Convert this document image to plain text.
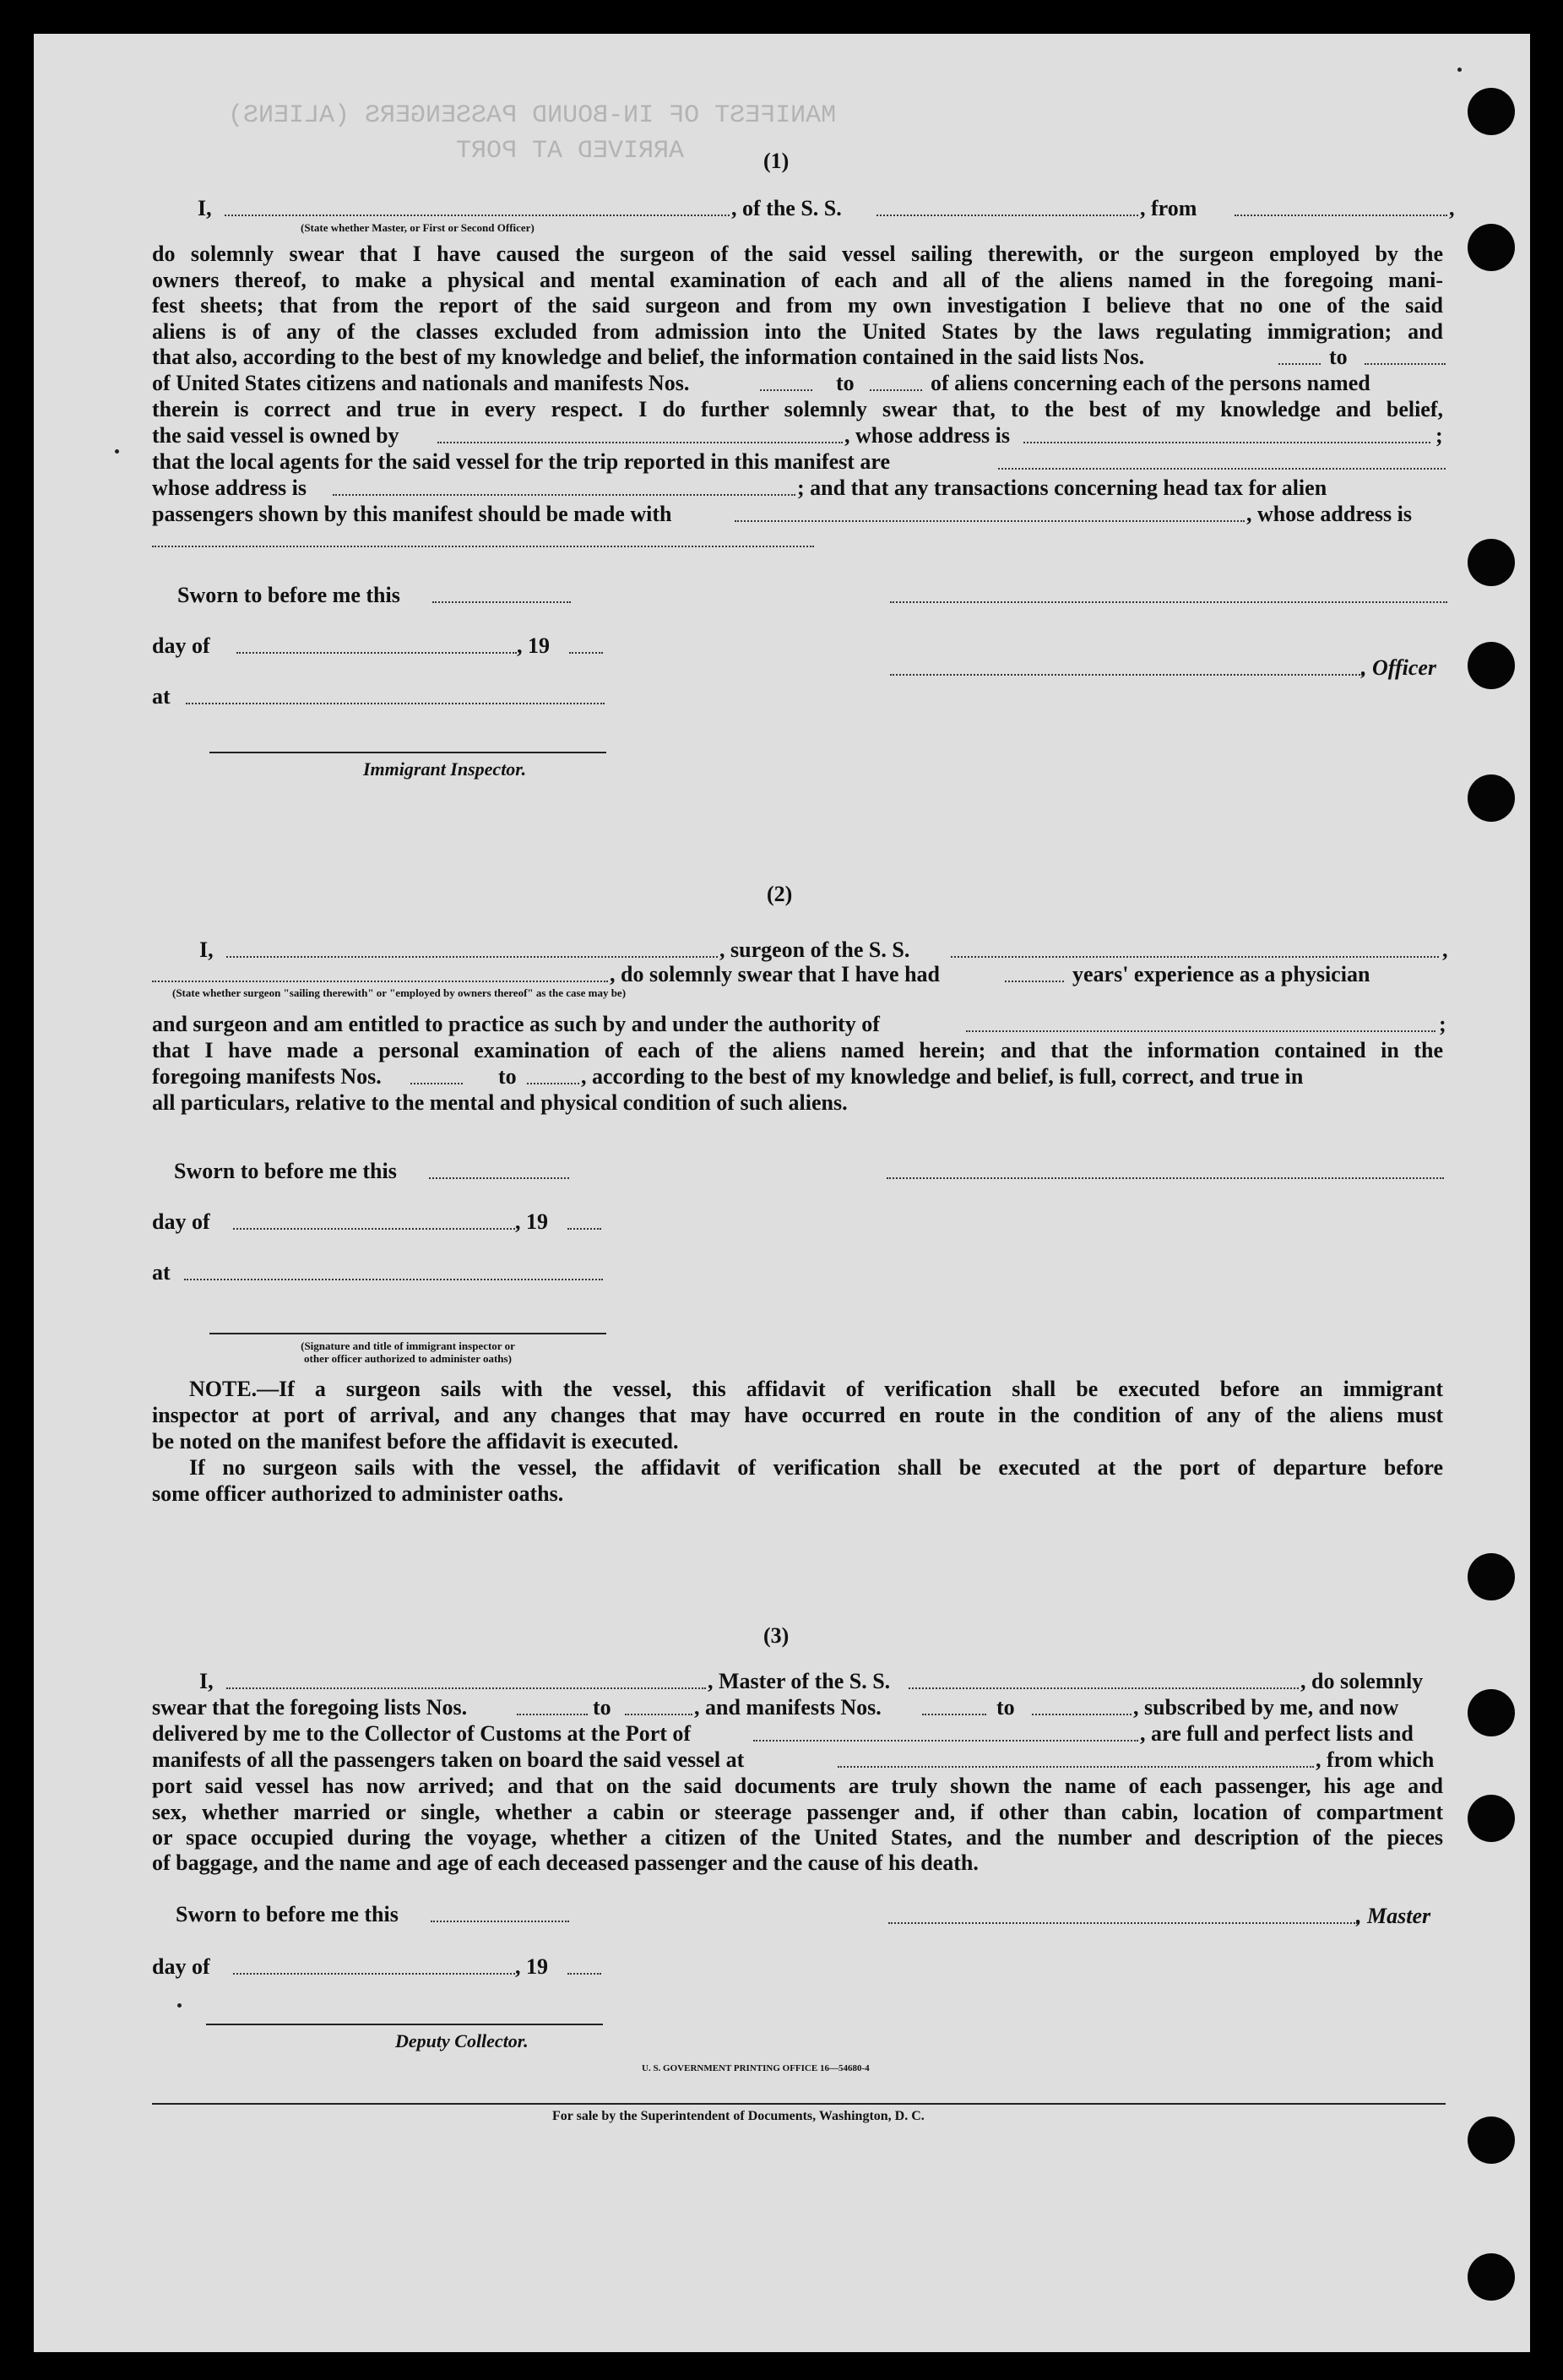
MANIFEST OF IN-BOUND PASSENGERS (ALIENS)
ARRIVED AT PORT	(1)
I,	, of the S. S.	, from	,
(State whether Master, or First or Second Officer)
do solemnly swear that I have caused the surgeon of the said vessel sailing therewith, or the surgeon employed by the
owners thereof, to make a physical and mental examination of each and all of the aliens named in the foregoing mani-
fest sheets; that from the report of the said surgeon and from my own investigation I believe that no one of the said
aliens is of any of the classes excluded from admission into the United States by the laws regulating immigration; and
that also, according to the best of my knowledge and belief, the information contained in the said lists Nos.	to
of United States citizens and nationals and manifests Nos.	to	of aliens concerning each of the persons named
therein is correct and true in every respect. I do further solemnly swear that, to the best of my knowledge and belief,
the said vessel is owned by	, whose address is	;
that the local agents for the said vessel for the trip reported in this manifest are
whose address is	; and that any transactions concerning head tax for alien
passengers shown by this manifest should be made with	, whose address is
Sworn to before me this
day of	, 19
, Officer
at
Immigrant Inspector.
(2)
I,	, surgeon of the S. S.	,
, do solemnly swear that I have had	years' experience as a physician
(State whether surgeon "sailing therewith" or "employed by owners thereof" as the case may be)
and surgeon and am entitled to practice as such by and under the authority of	;
that I have made a personal examination of each of the aliens named herein; and that the information contained in the
foregoing manifests Nos.	to	, according to the best of my knowledge and belief, is full, correct, and true in
all particulars, relative to the mental and physical condition of such aliens.
Sworn to before me this
day of	, 19
at
(Signature and title of immigrant inspector or
other officer authorized to administer oaths)
NOTE.—If a surgeon sails with the vessel, this affidavit of verification shall be executed before an immigrant
inspector at port of arrival, and any changes that may have occurred en route in the condition of any of the aliens must
be noted on the manifest before the affidavit is executed.
If no surgeon sails with the vessel, the affidavit of verification shall be executed at the port of departure before
some officer authorized to administer oaths.
(3)
I,	, Master of the S. S.	, do solemnly
swear that the foregoing lists Nos.	to	, and manifests Nos.	to	, subscribed by me, and now
delivered by me to the Collector of Customs at the Port of	, are full and perfect lists and
manifests of all the passengers taken on board the said vessel at	, from which
port said vessel has now arrived; and that on the said documents are truly shown the name of each passenger, his age and
sex, whether married or single, whether a cabin or steerage passenger and, if other than cabin, location of compartment
or space occupied during the voyage, whether a citizen of the United States, and the number and description of the pieces
of baggage, and the name and age of each deceased passenger and the cause of his death.
Sworn to before me this	, Master
day of	, 19
Deputy Collector.
U. S. GOVERNMENT PRINTING OFFICE 16—54680-4
For sale by the Superintendent of Documents, Washington, D. C.
